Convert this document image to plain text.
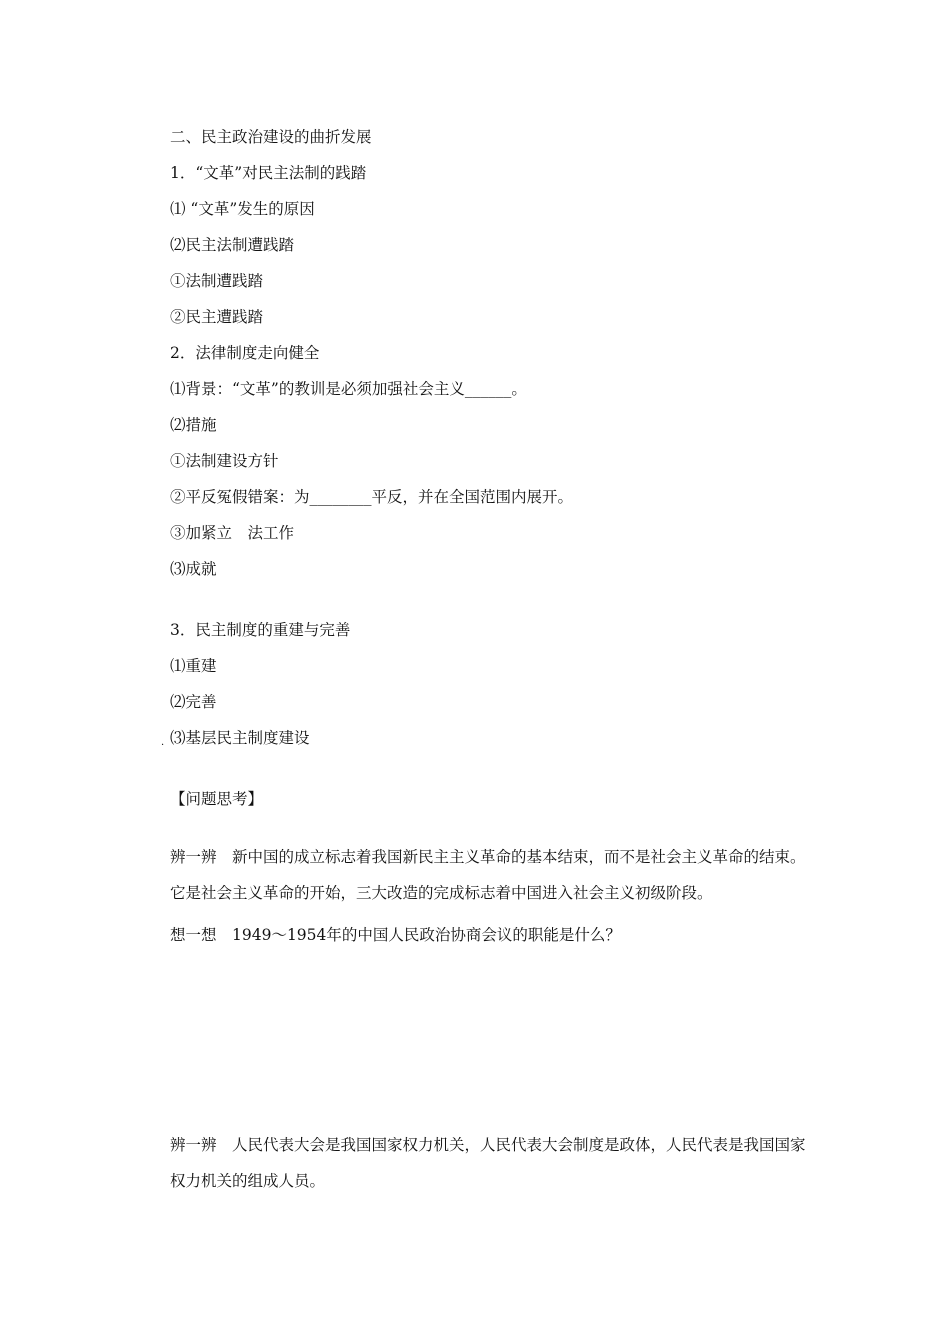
二、民主政治建设的曲折发展
1．“文革”对民主法制的践踏
⑴ “文革”发生的原因
⑵民主法制遭践踏
①法制遭践踏
②民主遭践踏
2．法律制度走向健全
⑴背景：“文革”的教训是必须加强社会主义______。
⑵措施
①法制建设方针
②平反冤假错案：为________平反，并在全国范围内展开。
③加紧立　法工作
⑶成就
3．民主制度的重建与完善
⑴重建
⑵完善
⑶基层民主制度建设
·
【问题思考】
辨一辨　新中国的成立标志着我国新民主主义革命的基本结束，而不是社会主义革命的结束。它是社会主义革命的开始，三大改造的完成标志着中国进入社会主义初级阶段。
想一想　1949～1954年的中国人民政治协商会议的职能是什么？
辨一辨　人民代表大会是我国国家权力机关，人民代表大会制度是政体，人民代表是我国国家权力机关的组成人员。
